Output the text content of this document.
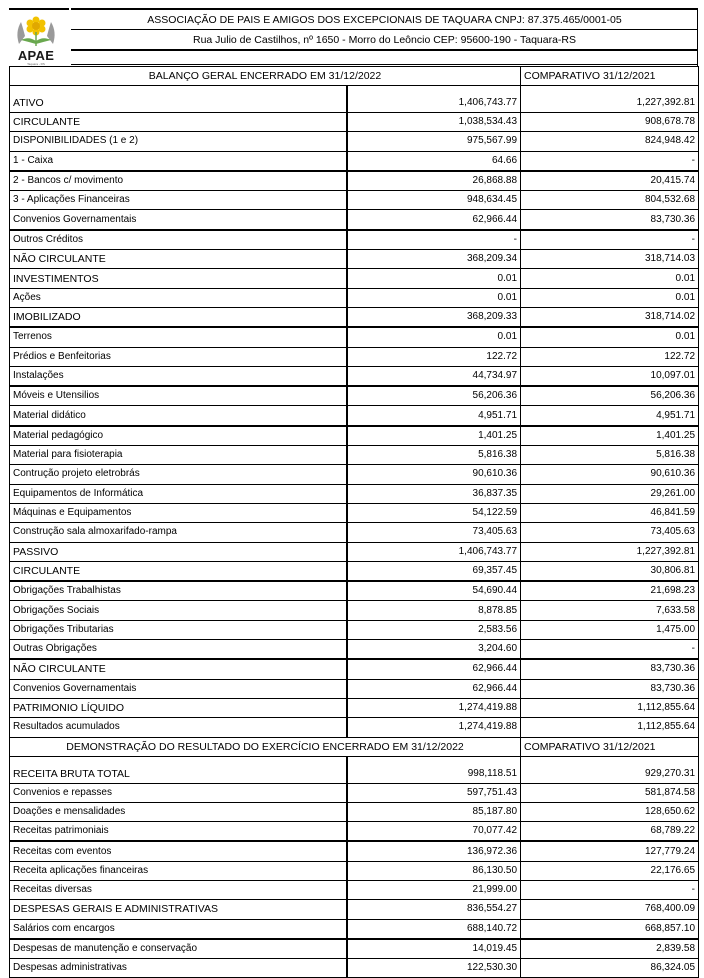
APAE
Taquara - RS
ASSOCIAÇÃO DE PAIS E AMIGOS DOS EXCEPCIONAIS DE TAQUARA CNPJ: 87.375.465/0001-05
Rua Julio de Castilhos, nº 1650 - Morro do Leôncio CEP: 95600-190 - Taquara-RS
BALANÇO GERAL ENCERRADO EM 31/12/2022		COMPARATIVO 31/12/2021
ATIVO	1,406,743.77	1,227,392.81
CIRCULANTE	1,038,534.43	908,678.78
DISPONIBILIDADES (1 e 2)	975,567.99	824,948.42
1 - Caixa	64.66	-
2 - Bancos c/ movimento	26,868.88	20,415.74
3 - Aplicações Financeiras	948,634.45	804,532.68
Convenios Governamentais	62,966.44	83,730.36
Outros Créditos	-	-
NÃO CIRCULANTE	368,209.34	318,714.03
INVESTIMENTOS	0.01	0.01
Ações	0.01	0.01
IMOBILIZADO	368,209.33	318,714.02
Terrenos	0.01	0.01
Prédios e Benfeitorias	122.72	122.72
Instalações	44,734.97	10,097.01
Móveis e Utensilios	56,206.36	56,206.36
Material didático	4,951.71	4,951.71
Material pedagógico	1,401.25	1,401.25
Material para fisioterapia	5,816.38	5,816.38
Contrução projeto eletrobrás	90,610.36	90,610.36
Equipamentos de Informática	36,837.35	29,261.00
Máquinas e Equipamentos	54,122.59	46,841.59
Construção sala almoxarifado-rampa	73,405.63	73,405.63
PASSIVO	1,406,743.77	1,227,392.81
CIRCULANTE	69,357.45	30,806.81
Obrigações Trabalhistas	54,690.44	21,698.23
Obrigações Sociais	8,878.85	7,633.58
Obrigações Tributarias	2,583.56	1,475.00
Outras Obrigações	3,204.60	-
NÃO CIRCULANTE	62,966.44	83,730.36
Convenios Governamentais	62,966.44	83,730.36
PATRIMONIO LÍQUIDO	1,274,419.88	1,112,855.64
Resultados acumulados	1,274,419.88	1,112,855.64
DEMONSTRAÇÃO DO RESULTADO DO EXERCÍCIO ENCERRADO EM 31/12/2022		COMPARATIVO 31/12/2021
RECEITA BRUTA TOTAL	998,118.51	929,270.31
Convenios e repasses	597,751.43	581,874.58
Doações e mensalidades	85,187.80	128,650.62
Receitas patrimoniais	70,077.42	68,789.22
Receitas com eventos	136,972.36	127,779.24
Receita aplicações financeiras	86,130.50	22,176.65
Receitas diversas	21,999.00	-
DESPESAS GERAIS E ADMINISTRATIVAS	836,554.27	768,400.09
Salários com encargos	688,140.72	668,857.10
Despesas de manutenção e conservação	14,019.45	2,839.58
Despesas administrativas	122,530.30	86,324.05
